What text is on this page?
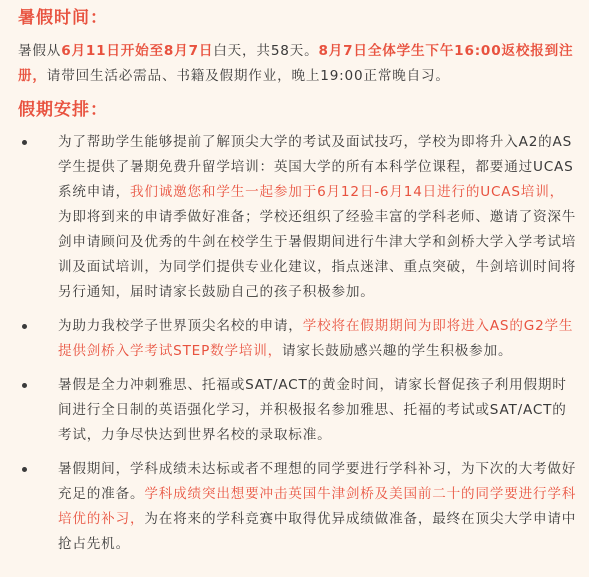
暑假时间：

暑假从6月11日开始至8月7日白天，共58天。8月7日全体学生下午16:00返校报到注册，请带回生活必需品、书籍及假期作业，晚上19:00正常晚自习。

假期安排：
为了帮助学生能够提前了解顶尖大学的考试及面试技巧，学校为即将升入A2的AS学生提供了暑期免费升留学培训：英国大学的所有本科学位课程，都要通过UCAS系统申请，我们诚邀您和学生一起参加于6月12日-6月14日进行的UCAS培训，为即将到来的申请季做好准备；学校还组织了经验丰富的学科老师、邀请了资深牛剑申请顾问及优秀的牛剑在校学生于暑假期间进行牛津大学和剑桥大学入学考试培训及面试培训，为同学们提供专业化建议，指点迷津、重点突破，牛剑培训时间将另行通知，届时请家长鼓励自己的孩子积极参加。
为助力我校学子世界顶尖名校的申请，学校将在假期期间为即将进入AS的G2学生提供剑桥入学考试STEP数学培训，请家长鼓励感兴趣的学生积极参加。
暑假是全力冲刺雅思、托福或SAT/ACT的黄金时间，请家长督促孩子利用假期时间进行全日制的英语强化学习，并积极报名参加雅思、托福的考试或SAT/ACT的考试，力争尽快达到世界名校的录取标准。
暑假期间，学科成绩未达标或者不理想的同学要进行学科补习，为下次的大考做好充足的准备。学科成绩突出想要冲击英国牛津剑桥及美国前二十的同学要进行学科培优的补习，为在将来的学科竞赛中取得优异成绩做准备，最终在顶尖大学申请中抢占先机。
